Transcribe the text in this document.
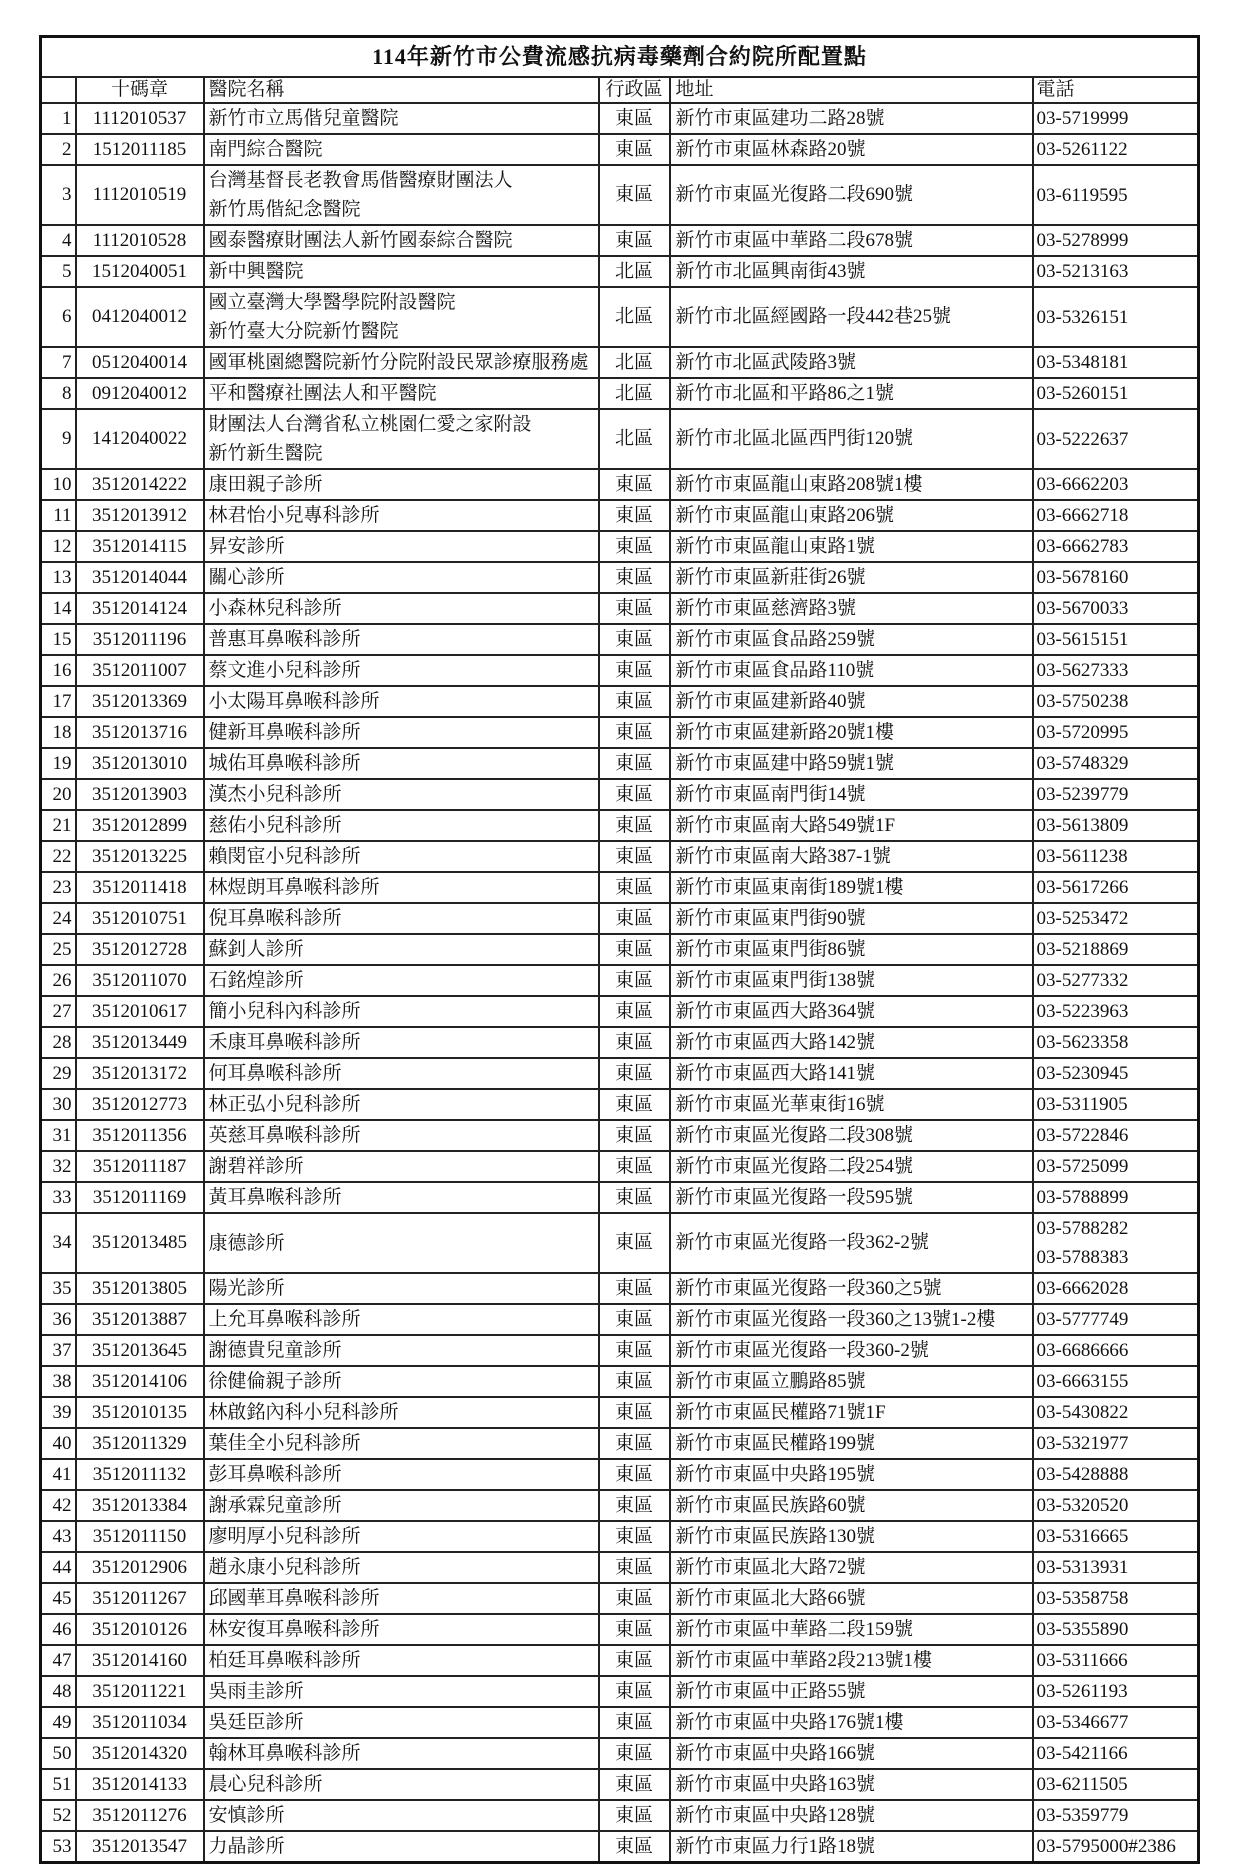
114年新竹市公費流感抗病毒藥劑合約院所配置點					
	十碼章	醫院名稱	行政區	地址	電話
1	1112010537	新竹市立馬偕兒童醫院	東區	新竹市東區建功二路28號	03-5719999

2	1512011185	南門綜合醫院	東區	新竹市東區林森路20號	03-5261122

3	1112010519	台灣基督長老教會馬偕醫療財團法人
新竹馬偕紀念醫院	東區	新竹市東區光復路二段690號	03-6119595

4	1112010528	國泰醫療財團法人新竹國泰綜合醫院	東區	新竹市東區中華路二段678號	03-5278999

5	1512040051	新中興醫院	北區	新竹市北區興南街43號	03-5213163

6	0412040012	國立臺灣大學醫學院附設醫院
新竹臺大分院新竹醫院	北區	新竹市北區經國路一段442巷25號	03-5326151

7	0512040014	國軍桃園總醫院新竹分院附設民眾診療服務處	北區	新竹市北區武陵路3號	03-5348181

8	0912040012	平和醫療社團法人和平醫院	北區	新竹市北區和平路86之1號	03-5260151

9	1412040022	財團法人台灣省私立桃園仁愛之家附設
新竹新生醫院	北區	新竹市北區北區西門街120號	03-5222637

10	3512014222	康田親子診所	東區	新竹市東區龍山東路208號1樓	03-6662203

11	3512013912	林君怡小兒專科診所	東區	新竹市東區龍山東路206號	03-6662718

12	3512014115	昇安診所	東區	新竹市東區龍山東路1號	03-6662783

13	3512014044	關心診所	東區	新竹市東區新莊街26號	03-5678160

14	3512014124	小森林兒科診所	東區	新竹市東區慈濟路3號	03-5670033

15	3512011196	普惠耳鼻喉科診所	東區	新竹市東區食品路259號	03-5615151

16	3512011007	蔡文進小兒科診所	東區	新竹市東區食品路110號	03-5627333

17	3512013369	小太陽耳鼻喉科診所	東區	新竹市東區建新路40號	03-5750238

18	3512013716	健新耳鼻喉科診所	東區	新竹市東區建新路20號1樓	03-5720995

19	3512013010	城佑耳鼻喉科診所	東區	新竹市東區建中路59號1號	03-5748329

20	3512013903	漢杰小兒科診所	東區	新竹市東區南門街14號	03-5239779

21	3512012899	慈佑小兒科診所	東區	新竹市東區南大路549號1F	03-5613809

22	3512013225	賴閔宦小兒科診所	東區	新竹市東區南大路387-1號	03-5611238

23	3512011418	林煜朗耳鼻喉科診所	東區	新竹市東區東南街189號1樓	03-5617266

24	3512010751	倪耳鼻喉科診所	東區	新竹市東區東門街90號	03-5253472

25	3512012728	蘇釗人診所	東區	新竹市東區東門街86號	03-5218869

26	3512011070	石銘煌診所	東區	新竹市東區東門街138號	03-5277332

27	3512010617	簡小兒科內科診所	東區	新竹市東區西大路364號	03-5223963

28	3512013449	禾康耳鼻喉科診所	東區	新竹市東區西大路142號	03-5623358

29	3512013172	何耳鼻喉科診所	東區	新竹市東區西大路141號	03-5230945

30	3512012773	林正弘小兒科診所	東區	新竹市東區光華東街16號	03-5311905

31	3512011356	英慈耳鼻喉科診所	東區	新竹市東區光復路二段308號	03-5722846

32	3512011187	謝碧祥診所	東區	新竹市東區光復路二段254號	03-5725099

33	3512011169	黃耳鼻喉科診所	東區	新竹市東區光復路一段595號	03-5788899

34	3512013485	康德診所	東區	新竹市東區光復路一段362-2號	03-5788282
03-5788383

35	3512013805	陽光診所	東區	新竹市東區光復路一段360之5號	03-6662028

36	3512013887	上允耳鼻喉科診所	東區	新竹市東區光復路一段360之13號1-2樓	03-5777749

37	3512013645	謝德貴兒童診所	東區	新竹市東區光復路一段360-2號	03-6686666

38	3512014106	徐健倫親子診所	東區	新竹市東區立鵬路85號	03-6663155

39	3512010135	林啟銘內科小兒科診所	東區	新竹市東區民權路71號1F	03-5430822

40	3512011329	葉佳全小兒科診所	東區	新竹市東區民權路199號	03-5321977

41	3512011132	彭耳鼻喉科診所	東區	新竹市東區中央路195號	03-5428888

42	3512013384	謝承霖兒童診所	東區	新竹市東區民族路60號	03-5320520

43	3512011150	廖明厚小兒科診所	東區	新竹市東區民族路130號	03-5316665

44	3512012906	趙永康小兒科診所	東區	新竹市東區北大路72號	03-5313931

45	3512011267	邱國華耳鼻喉科診所	東區	新竹市東區北大路66號	03-5358758

46	3512010126	林安復耳鼻喉科診所	東區	新竹市東區中華路二段159號	03-5355890

47	3512014160	柏廷耳鼻喉科診所	東區	新竹市東區中華路2段213號1樓	03-5311666

48	3512011221	吳雨圭診所	東區	新竹市東區中正路55號	03-5261193

49	3512011034	吳廷臣診所	東區	新竹市東區中央路176號1樓	03-5346677

50	3512014320	翰林耳鼻喉科診所	東區	新竹市東區中央路166號	03-5421166

51	3512014133	晨心兒科診所	東區	新竹市東區中央路163號	03-6211505

52	3512011276	安慎診所	東區	新竹市東區中央路128號	03-5359779

53	3512013547	力晶診所	東區	新竹市東區力行1路18號	03-5795000#2386
